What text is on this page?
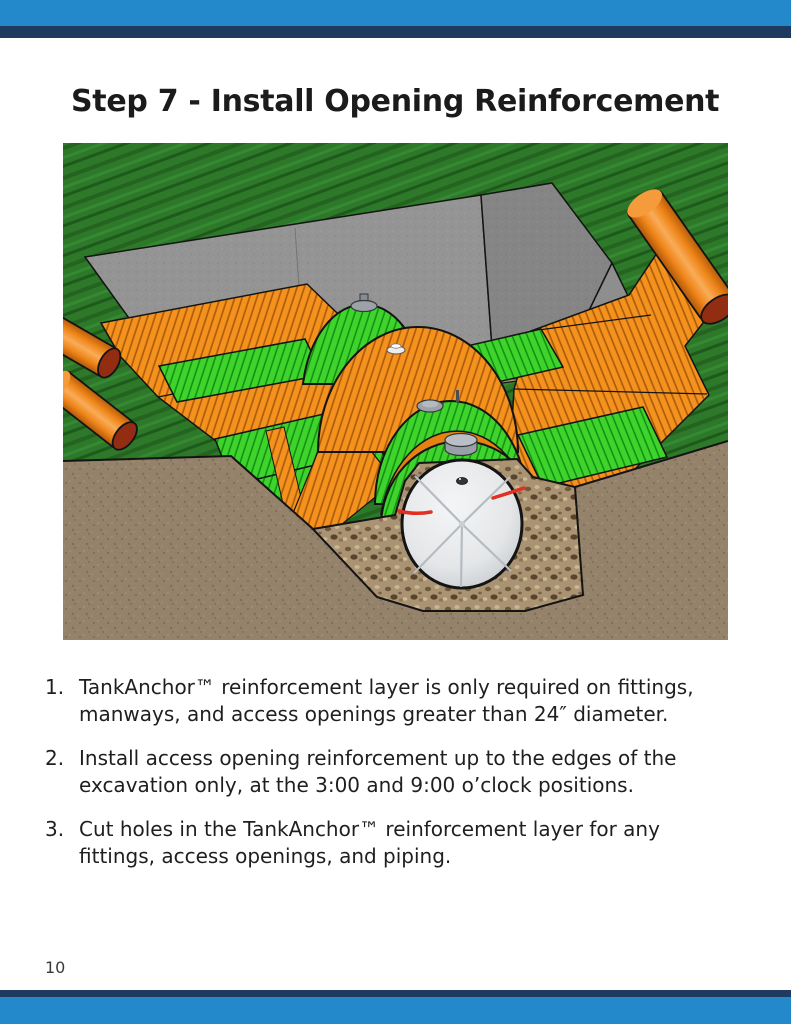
Step 7 - Install Opening Reinforcement
1. TankAnchor™ reinforcement layer is only required on fittings, manways, and access openings greater than 24″ diameter.
2. Install access opening reinforcement up to the edges of the excavation only, at the 3:00 and 9:00 o’clock positions.
3. Cut holes in the TankAnchor™ reinforcement layer for any fittings, access openings, and piping.
10
